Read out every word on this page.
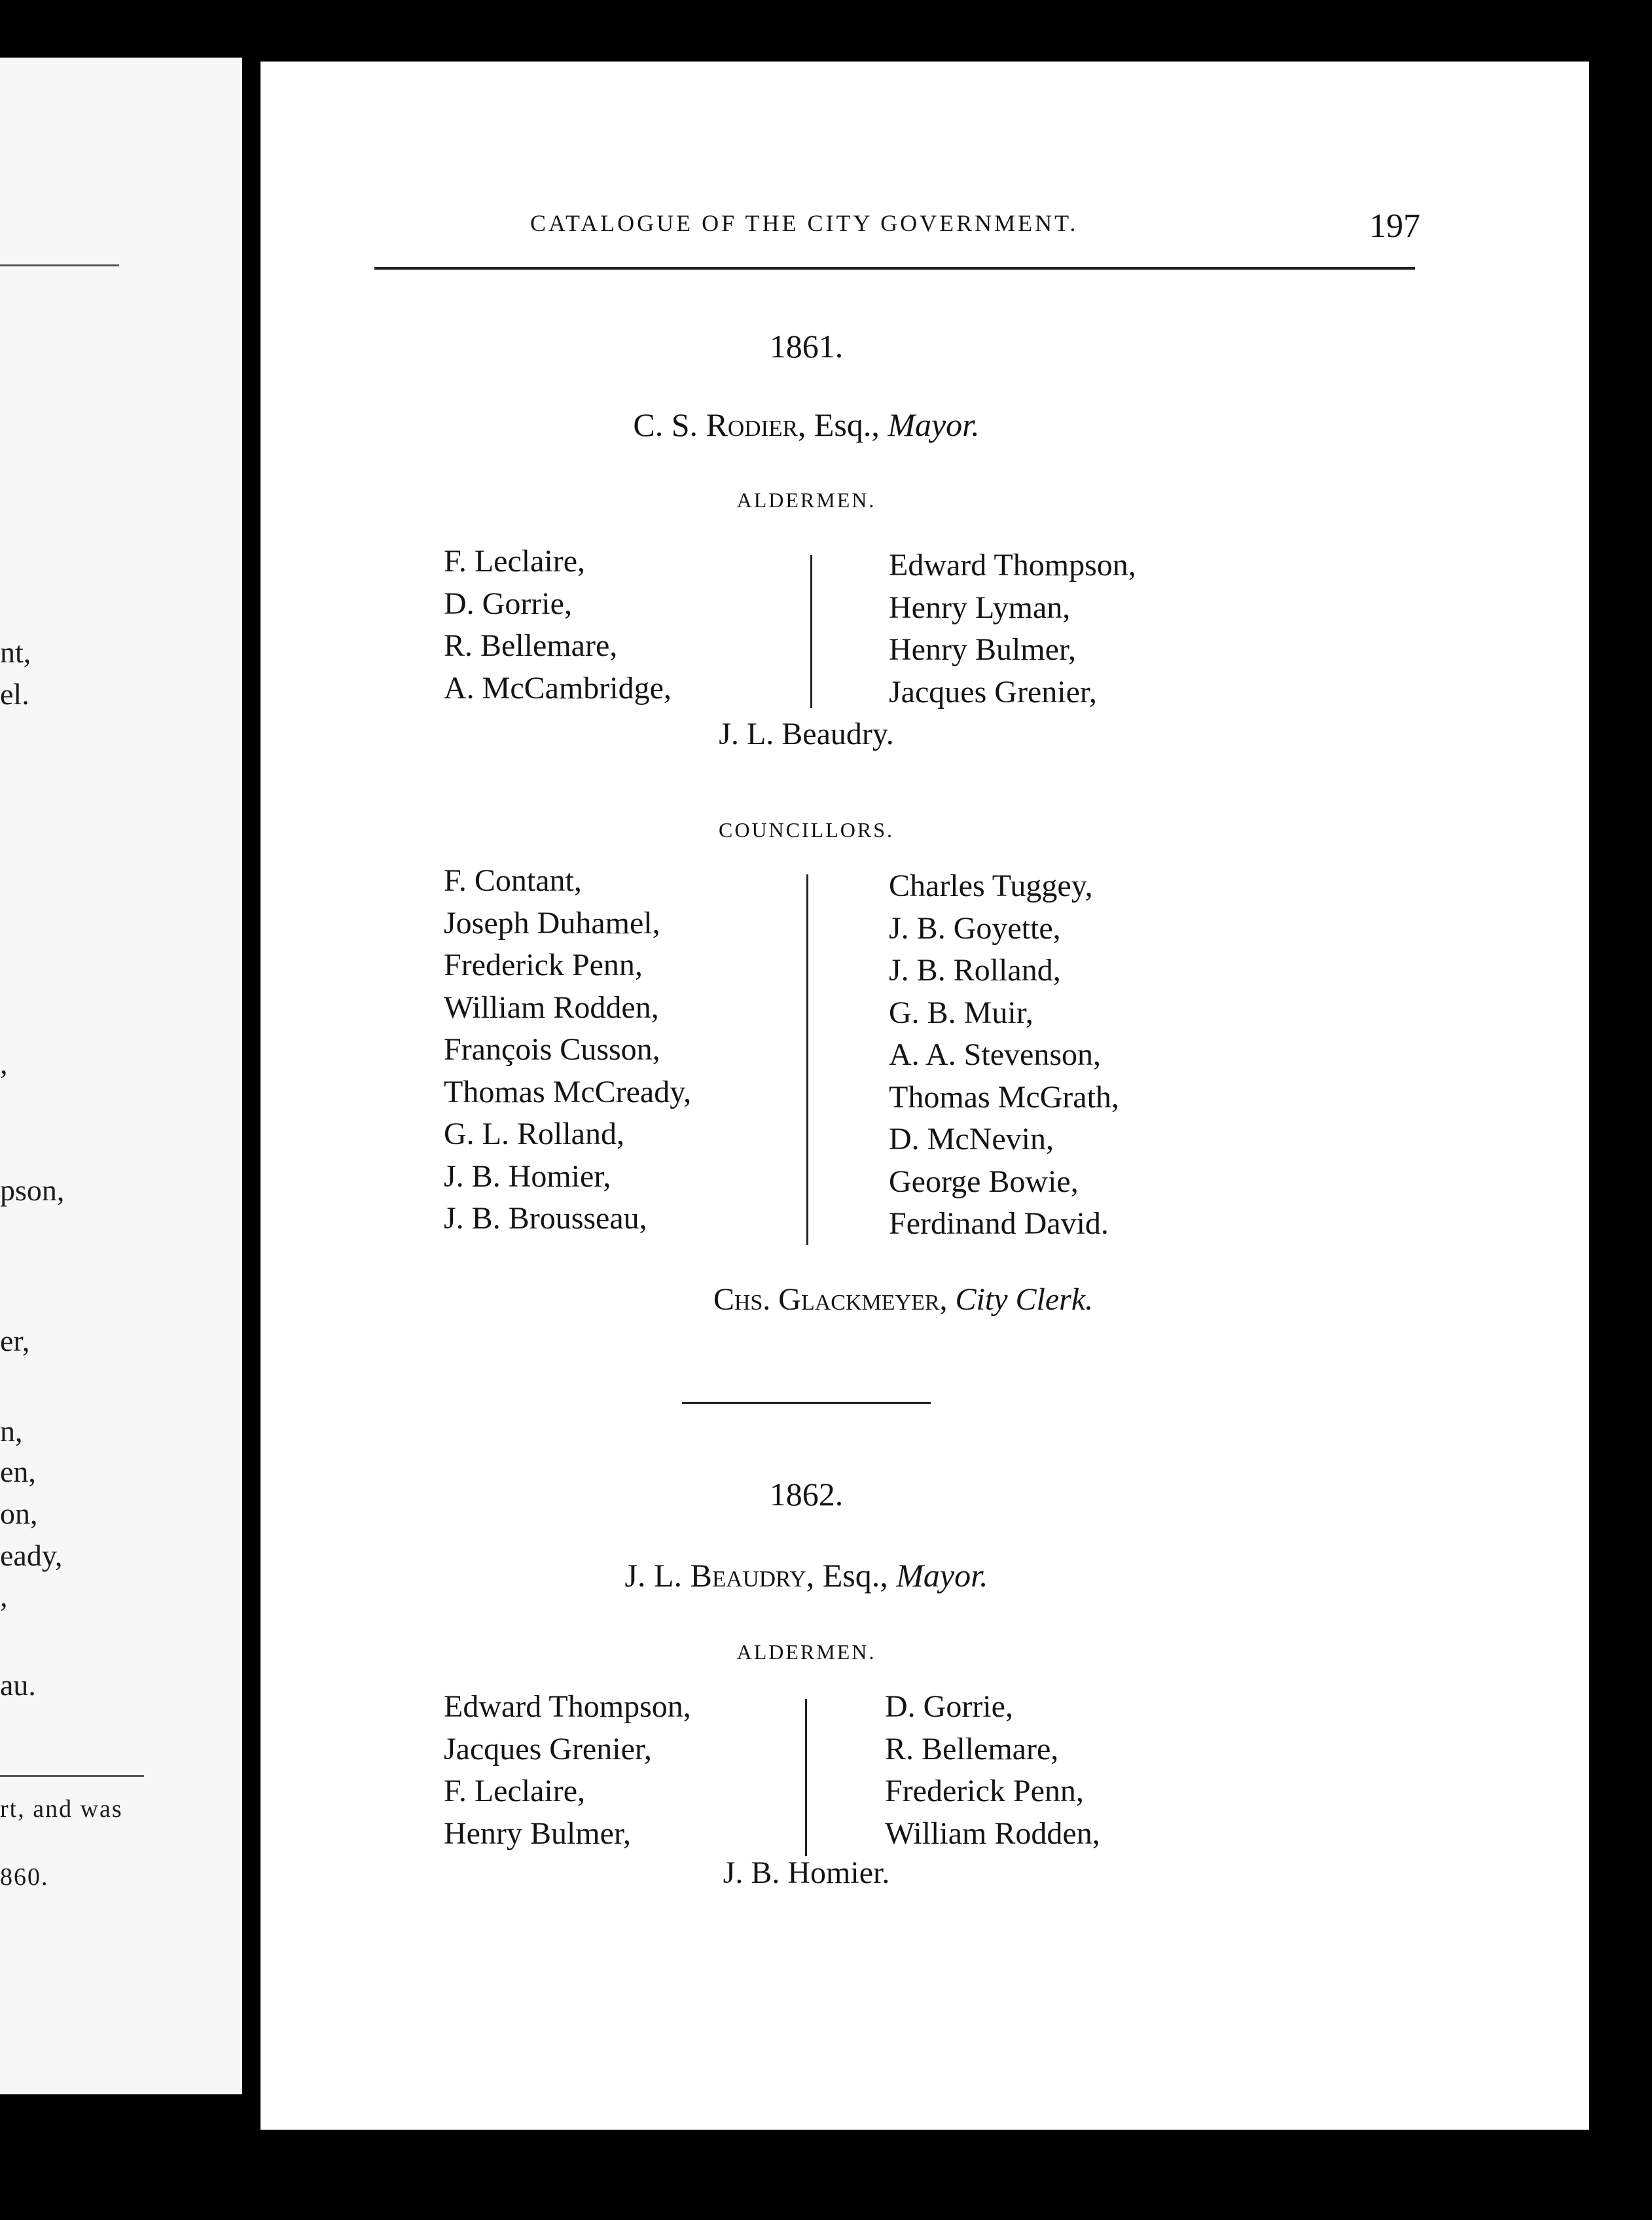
nt,
el.
,
pson,
er,
n,
en,
on,
eady,
,
au.
rt, and was
860.
CATALOGUE OF THE CITY GOVERNMENT.	197
1861.
C. S. Rodier, Esq., Mayor.
ALDERMEN.
F. Leclaire,
D. Gorrie,
R. Bellemare,
A. McCambridge,
Edward Thompson,
Henry Lyman,
Henry Bulmer,
Jacques Grenier,
J. L. Beaudry.
COUNCILLORS.
F. Contant,
Joseph Duhamel,
Frederick Penn,
William Rodden,
François Cusson,
Thomas McCready,
G. L. Rolland,
J. B. Homier,
J. B. Brousseau,
Charles Tuggey,
J. B. Goyette,
J. B. Rolland,
G. B. Muir,
A. A. Stevenson,
Thomas McGrath,
D. McNevin,
George Bowie,
Ferdinand David.
Chs. Glackmeyer, City Clerk.
1862.
J. L. Beaudry, Esq., Mayor.
ALDERMEN.
Edward Thompson,
Jacques Grenier,
F. Leclaire,
Henry Bulmer,
D. Gorrie,
R. Bellemare,
Frederick Penn,
William Rodden,
J. B. Homier.
